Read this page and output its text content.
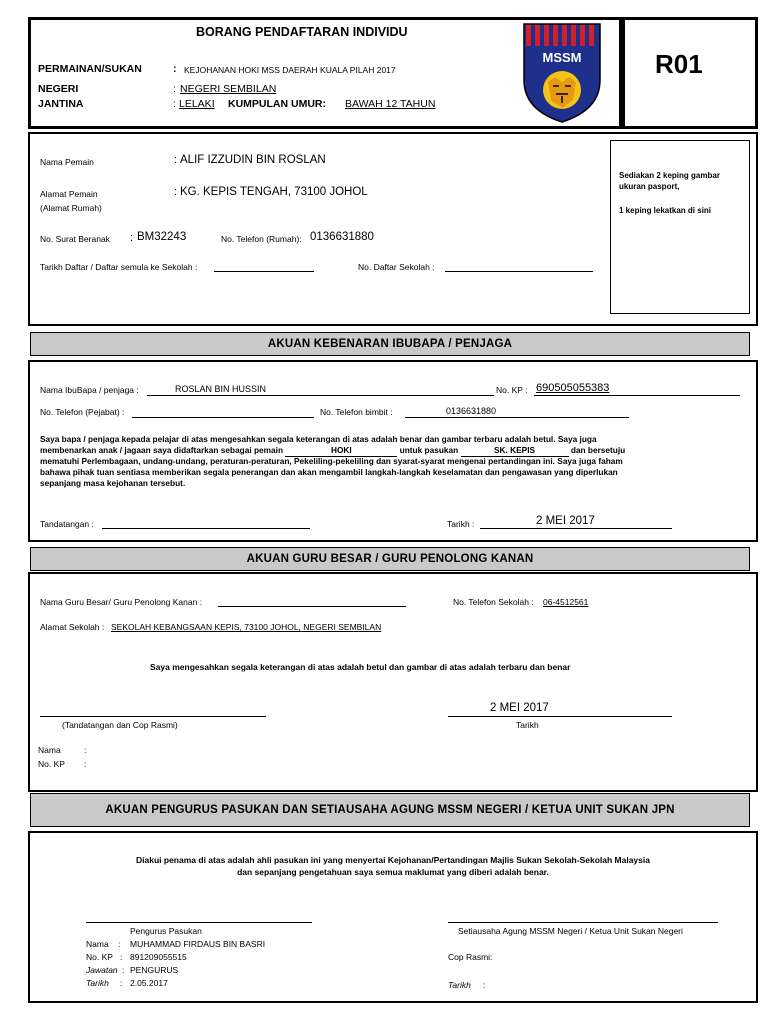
BORANG PENDAFTARAN INDIVIDU
PERMAINAN/SUKAN	: KEJOHANAN HOKI MSS DAERAH KUALA PILAH 2017
NEGERI	: NEGERI SEMBILAN
JANTINA	: LELAKI KUMPULAN UMUR: BAWAH 12 TAHUN
MSSM	R01
Nama Pemain	: ALIF IZZUDIN BIN ROSLAN
Alamat Pemain
(Alamat Rumah)
: KG. KEPIS TENGAH, 73100 JOHOL
No. Surat Beranak : BM32243	No. Telefon (Rumah): 0136631880
Tarikh Daftar / Daftar semula ke Sekolah :	No. Daftar Sekolah :
Sediakan 2 keping gambar ukuran pasport,
1 keping lekatkan di sini
AKUAN KEBENARAN IBUBAPA / PENJAGA
Nama IbuBapa / penjaga :	ROSLAN BIN HUSSIN	No. KP : 690505055383
No. Telefon (Pejabat) :	No. Telefon bimbit :	0136631880
Saya bapa / penjaga kepada pelajar di atas mengesahkan segala keterangan di atas adalah benar dan gambar terbaru adalah betul. Saya juga
membenarkan anak / jagaan saya didaftarkan sebagai pemain	HOKI	untuk pasukan	SK. KEPIS	dan bersetuju
mematuhi Perlembagaan, undang-undang, peraturan-peraturan, Pekeliling-pekeliling dan syarat-syarat mengenai pertandingan ini. Saya juga faham
bahawa pihak tuan sentiasa memberikan segala penerangan dan akan mengambil langkah-langkah keselamatan dan pengawasan yang diperlukan
sepanjang masa kejohanan tersebut.
Tandatangan :	Tarikh :	2 MEI 2017
AKUAN GURU BESAR / GURU PENOLONG KANAN
Nama Guru Besar/ Guru Penolong Kanan :	No. Telefon Sekolah : 06-4512561
Alamat Sekolah : SEKOLAH KEBANGSAAN KEPIS, 73100 JOHOL, NEGERI SEMBILAN
Saya mengesahkan segala keterangan di atas adalah betul dan gambar di atas adalah terbaru dan benar
(Tandatangan dan Cop Rasmi)
2 MEI 2017
Tarikh
Nama	:
No. KP :
AKUAN PENGURUS PASUKAN DAN SETIAUSAHA AGUNG MSSM NEGERI / KETUA UNIT SUKAN JPN
Diakui penama di atas adalah ahli pasukan ini yang menyertai Kejohanan/Pertandingan Majlis Sukan Sekolah-Sekolah Malaysia
dan sepanjang pengetahuan saya semua maklumat yang diberi adalah benar.
Pengurus Pasukan
Nama : MUHAMMAD FIRDAUS BIN BASRI
No. KP : 891209055515
Jawatan : PENGURUS
Tarikh : 2.05.2017
Setiausaha Agung MSSM Negeri / Ketua Unit Sukan Negeri
Cop Rasmi:
Tarikh :
